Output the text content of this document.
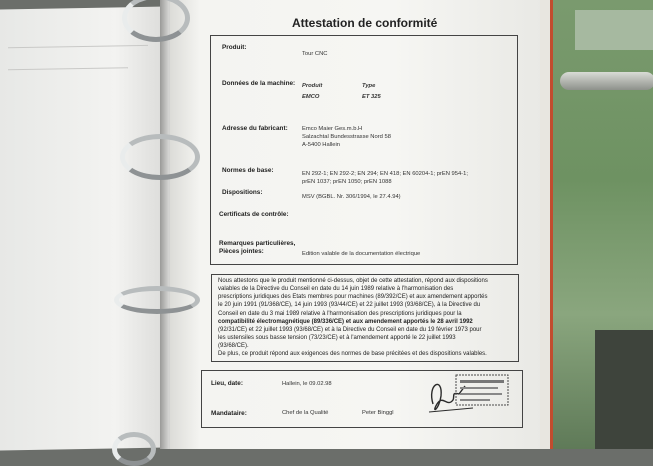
Attestation de conformité
Produit:
Tour CNC
Données de la machine: Produit	Type
EMCO	ET 325
Adresse du fabricant: Emco Maier Ges.m.b.H
Salzachtal Bundesstrasse Nord 58
A-5400 Hallein
Normes de base:	EN 292-1; EN 292-2; EN 294; EN 418; EN 60204-1; prEN 954-1;
prEN 1037; prEN 1050; prEN 1088
Dispositions:
MSV (BGBL. Nr. 306/1994, le 27.4.94)
Certificats de contrôle:
Remarques particulières,
Pièces jointes:	Edition valable de la documentation électrique

Nous attestons que le produit mentionné ci-dessus, objet de cette attestation, répond aux dispositions

valables de la Directive du Conseil en date du 14 juin 1989 relative à l'harmonisation des

prescriptions juridiques des Etats membres pour machines (89/392/CE) et aux amendement apportés

le 20 juin 1991 (91/368/CE), 14 juin 1993 (93/44/CE) et 22 juillet 1993 (93/68/CE), à la Directive du

Conseil en date du 3 mai 1989 relative à l'harmonisation des prescriptions juridiques pour la

compatibilité électromagnétique (89/336/CE) et aux amendement apportés le 28 avril 1992

(92/31/CE) et 22 juillet 1993 (93/68/CE) et à la Directive du Conseil en date du 19 février 1973 pour

les ustensiles sous basse tension (73/23/CE) et à l'amendement apporté le 22 juillet 1993

(93/68/CE).

De plus, ce produit répond aux exigences des normes de base précitées et des dispositions valables.

Lieu, date:	Hallein, le 09.02.98
Mandataire:	Chef de la Qualité	Peter Binggl
